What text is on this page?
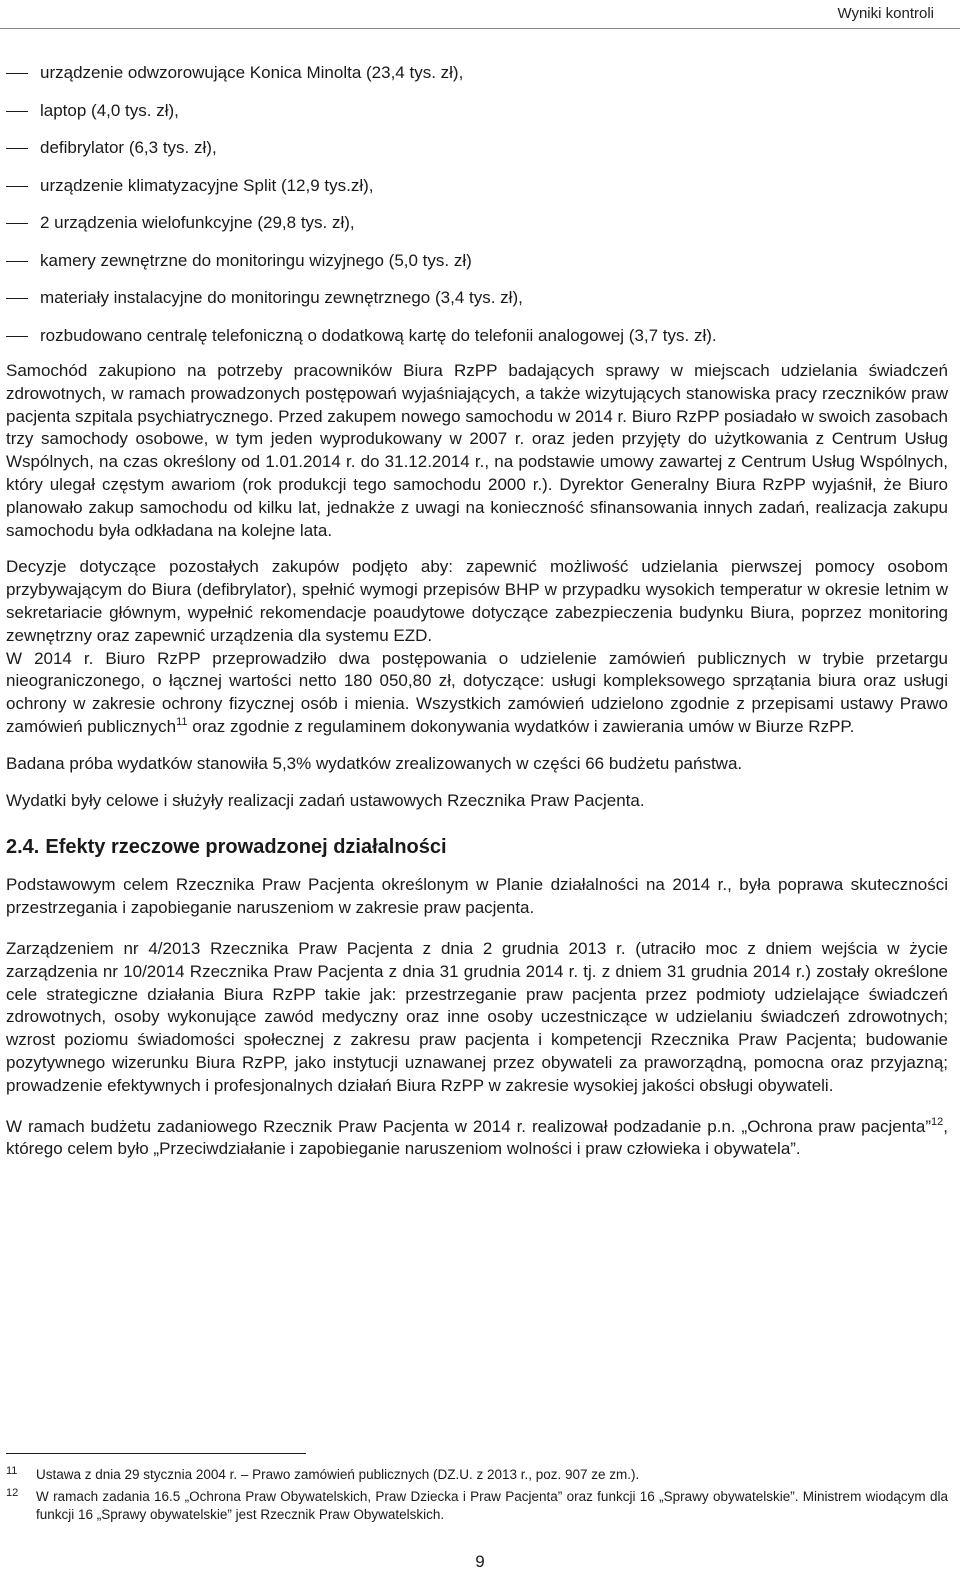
Wyniki kontroli
urządzenie odwzorowujące Konica Minolta (23,4 tys. zł),
laptop (4,0 tys. zł),
defibrylator (6,3 tys. zł),
urządzenie klimatyzacyjne Split (12,9 tys.zł),
2 urządzenia wielofunkcyjne (29,8 tys. zł),
kamery zewnętrzne do monitoringu wizyjnego (5,0 tys. zł)
materiały instalacyjne do monitoringu zewnętrznego (3,4 tys. zł),
rozbudowano centralę telefoniczną o dodatkową kartę do telefonii analogowej (3,7 tys. zł).

Samochód zakupiono na potrzeby pracowników Biura RzPP badających sprawy w miejscach udzielania świadczeń zdrowotnych, w ramach prowadzonych postępowań wyjaśniających, a także wizytujących stanowiska pracy rzeczników praw pacjenta szpitala psychiatrycznego. Przed zakupem nowego samochodu w 2014 r. Biuro RzPP posiadało w swoich zasobach trzy samochody osobowe, w tym jeden wyprodukowany w 2007 r. oraz jeden przyjęty do użytkowania z Centrum Usług Wspólnych, na czas określony od 1.01.2014 r. do 31.12.2014 r., na podstawie umowy zawartej z Centrum Usług Wspólnych, który ulegał częstym awariom (rok produkcji tego samochodu 2000 r.). Dyrektor Generalny Biura RzPP wyjaśnił, że Biuro planowało zakup samochodu od kilku lat, jednakże z uwagi na konieczność sfinansowania innych zadań, realizacja zakupu samochodu była odkładana na kolejne lata.

Decyzje dotyczące pozostałych zakupów podjęto aby: zapewnić możliwość udzielania pierwszej pomocy osobom przybywającym do Biura (defibrylator), spełnić wymogi przepisów BHP w przypadku wysokich temperatur w okresie letnim w sekretariacie głównym, wypełnić rekomendacje poaudytowe dotyczące zabezpieczenia budynku Biura, poprzez monitoring zewnętrzny oraz zapewnić urządzenia dla systemu EZD.

W 2014 r. Biuro RzPP przeprowadziło dwa postępowania o udzielenie zamówień publicznych w trybie przetargu nieograniczonego, o łącznej wartości netto 180 050,80 zł, dotyczące: usługi kompleksowego sprzątania biura oraz usługi ochrony w zakresie ochrony fizycznej osób i mienia. Wszystkich zamówień udzielono zgodnie z przepisami ustawy Prawo zamówień publicznych$^{11}$ oraz zgodnie z regulaminem dokonywania wydatków i zawierania umów w Biurze RzPP.

Badana próba wydatków stanowiła 5,3% wydatków zrealizowanych w części 66 budżetu państwa.

Wydatki były celowe i służyły realizacji zadań ustawowych Rzecznika Praw Pacjenta.

2.4. Efekty rzeczowe prowadzonej działalności

Podstawowym celem Rzecznika Praw Pacjenta określonym w Planie działalności na 2014 r., była poprawa skuteczności przestrzegania i zapobieganie naruszeniom w zakresie praw pacjenta.

Zarządzeniem nr 4/2013 Rzecznika Praw Pacjenta z dnia 2 grudnia 2013 r. (utraciło moc z dniem wejścia w życie zarządzenia nr 10/2014 Rzecznika Praw Pacjenta z dnia 31 grudnia 2014 r. tj. z dniem 31 grudnia 2014 r.) zostały określone cele strategiczne działania Biura RzPP takie jak: przestrzeganie praw pacjenta przez podmioty udzielające świadczeń zdrowotnych, osoby wykonujące zawód medyczny oraz inne osoby uczestniczące w udzielaniu świadczeń zdrowotnych; wzrost poziomu świadomości społecznej z zakresu praw pacjenta i kompetencji Rzecznika Praw Pacjenta; budowanie pozytywnego wizerunku Biura RzPP, jako instytucji uznawanej przez obywateli za praworządną, pomocna oraz przyjazną; prowadzenie efektywnych i profesjonalnych działań Biura RzPP w zakresie wysokiej jakości obsługi obywateli.

W ramach budżetu zadaniowego Rzecznik Praw Pacjenta w 2014 r. realizował podzadanie p.n. „Ochrona praw pacjenta”$^{12}$, którego celem było „Przeciwdziałanie i zapobieganie naruszeniom wolności i praw człowieka i obywatela”.

11 Ustawa z dnia 29 stycznia 2004 r. – Prawo zamówień publicznych (DZ.U. z 2013 r., poz. 907 ze zm.).
12 W ramach zadania 16.5 „Ochrona Praw Obywatelskich, Praw Dziecka i Praw Pacjenta” oraz funkcji 16 „Sprawy obywatelskie”. Ministrem wiodącym dla funkcji 16 „Sprawy obywatelskie” jest Rzecznik Praw Obywatelskich.
9
